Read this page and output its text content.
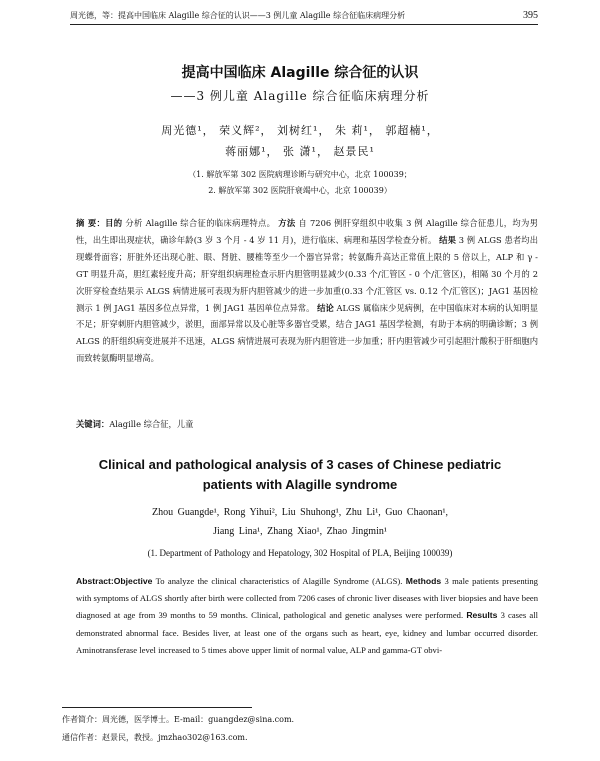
周光德，等：提高中国临床 Alagille 综合征的认识——3 例儿童 Alagille 综合征临床病理分析	395
提高中国临床 Alagille 综合征的认识
——3 例儿童 Alagille 综合征临床病理分析
周光德¹， 荣义辉²， 刘树红¹， 朱 莉¹， 郭超楠¹，
蒋丽娜¹， 张 潇¹， 赵景民¹
（1. 解放军第 302 医院病理诊断与研究中心，北京 100039；
2. 解放军第 302 医院肝衰竭中心，北京 100039）
摘 要：目的 分析 Alagille 综合征的临床病理特点。 方法 自 7206 例肝穿组织中收集 3 例 Alagille 综合征患儿，均为男性，出生即出现症状，确诊年龄(3 岁 3 个月 - 4 岁 11 月)，进行临床、病理和基因学检查分析。 结果 3 例 ALGS 患者均出现蝶骨面容；肝脏外还出现心脏、眼、肾脏、腰椎等至少一个器官异常；转氨酶升高达正常值上限的 5 倍以上，ALP 和 γ - GT 明显升高，胆红素轻度升高；肝穿组织病理检查示肝内胆管明显减少(0.33 个/汇管区 - 0 个/汇管区)，相隔 30 个月的 2 次肝穿检查结果示 ALGS 病情进展可表现为肝内胆管减少的进一步加重(0.33 个/汇管区 vs. 0.12 个/汇管区)；JAG1 基因检测示 1 例 JAG1 基因多位点异常，1 例 JAG1 基因单位点异常。 结论 ALGS 属临床少见病例，在中国临床对本病的认知明显不足；肝穿刺肝内胆管减少，淤胆，面部异常以及心脏等多器官受累，结合 JAG1 基因学检测，有助于本病的明确诊断；3 例 ALGS 的肝组织病变进展并不迅速，ALGS 病情进展可表现为肝内胆管进一步加重；肝内胆管减少可引起胆汁酸积于肝细胞内而致转氨酶明显增高。
关键词：Alagille 综合征，儿童
Clinical and pathological analysis of 3 cases of Chinese pediatric
patients with Alagille syndrome
Zhou Guangde¹, Rong Yihui², Liu Shuhong¹, Zhu Li¹, Guo Chaonan¹,
Jiang Lina¹, Zhang Xiao¹, Zhao Jingmin¹
(1. Department of Pathology and Hepatology, 302 Hospital of PLA, Beijing 100039)
Abstract:Objective To analyze the clinical characteristics of Alagille Syndrome (ALGS). Methods 3 male patients presenting with symptoms of ALGS shortly after birth were collected from 7206 cases of chronic liver diseases with liver biopsies and have been diagnosed at age from 39 months to 59 months. Clinical, pathological and genetic analyses were performed. Results 3 cases all demonstrated abnormal face. Besides liver, at least one of the organs such as heart, eye, kidney and lumbar occurred disorder. Aminotransferase level increased to 5 times above upper limit of normal value, ALP and gamma-GT obvi-
作者简介：周光德，医学博士。E-mail：guangdez@sina.com.
通信作者：赵景民，教授。jmzhao302@163.com.
